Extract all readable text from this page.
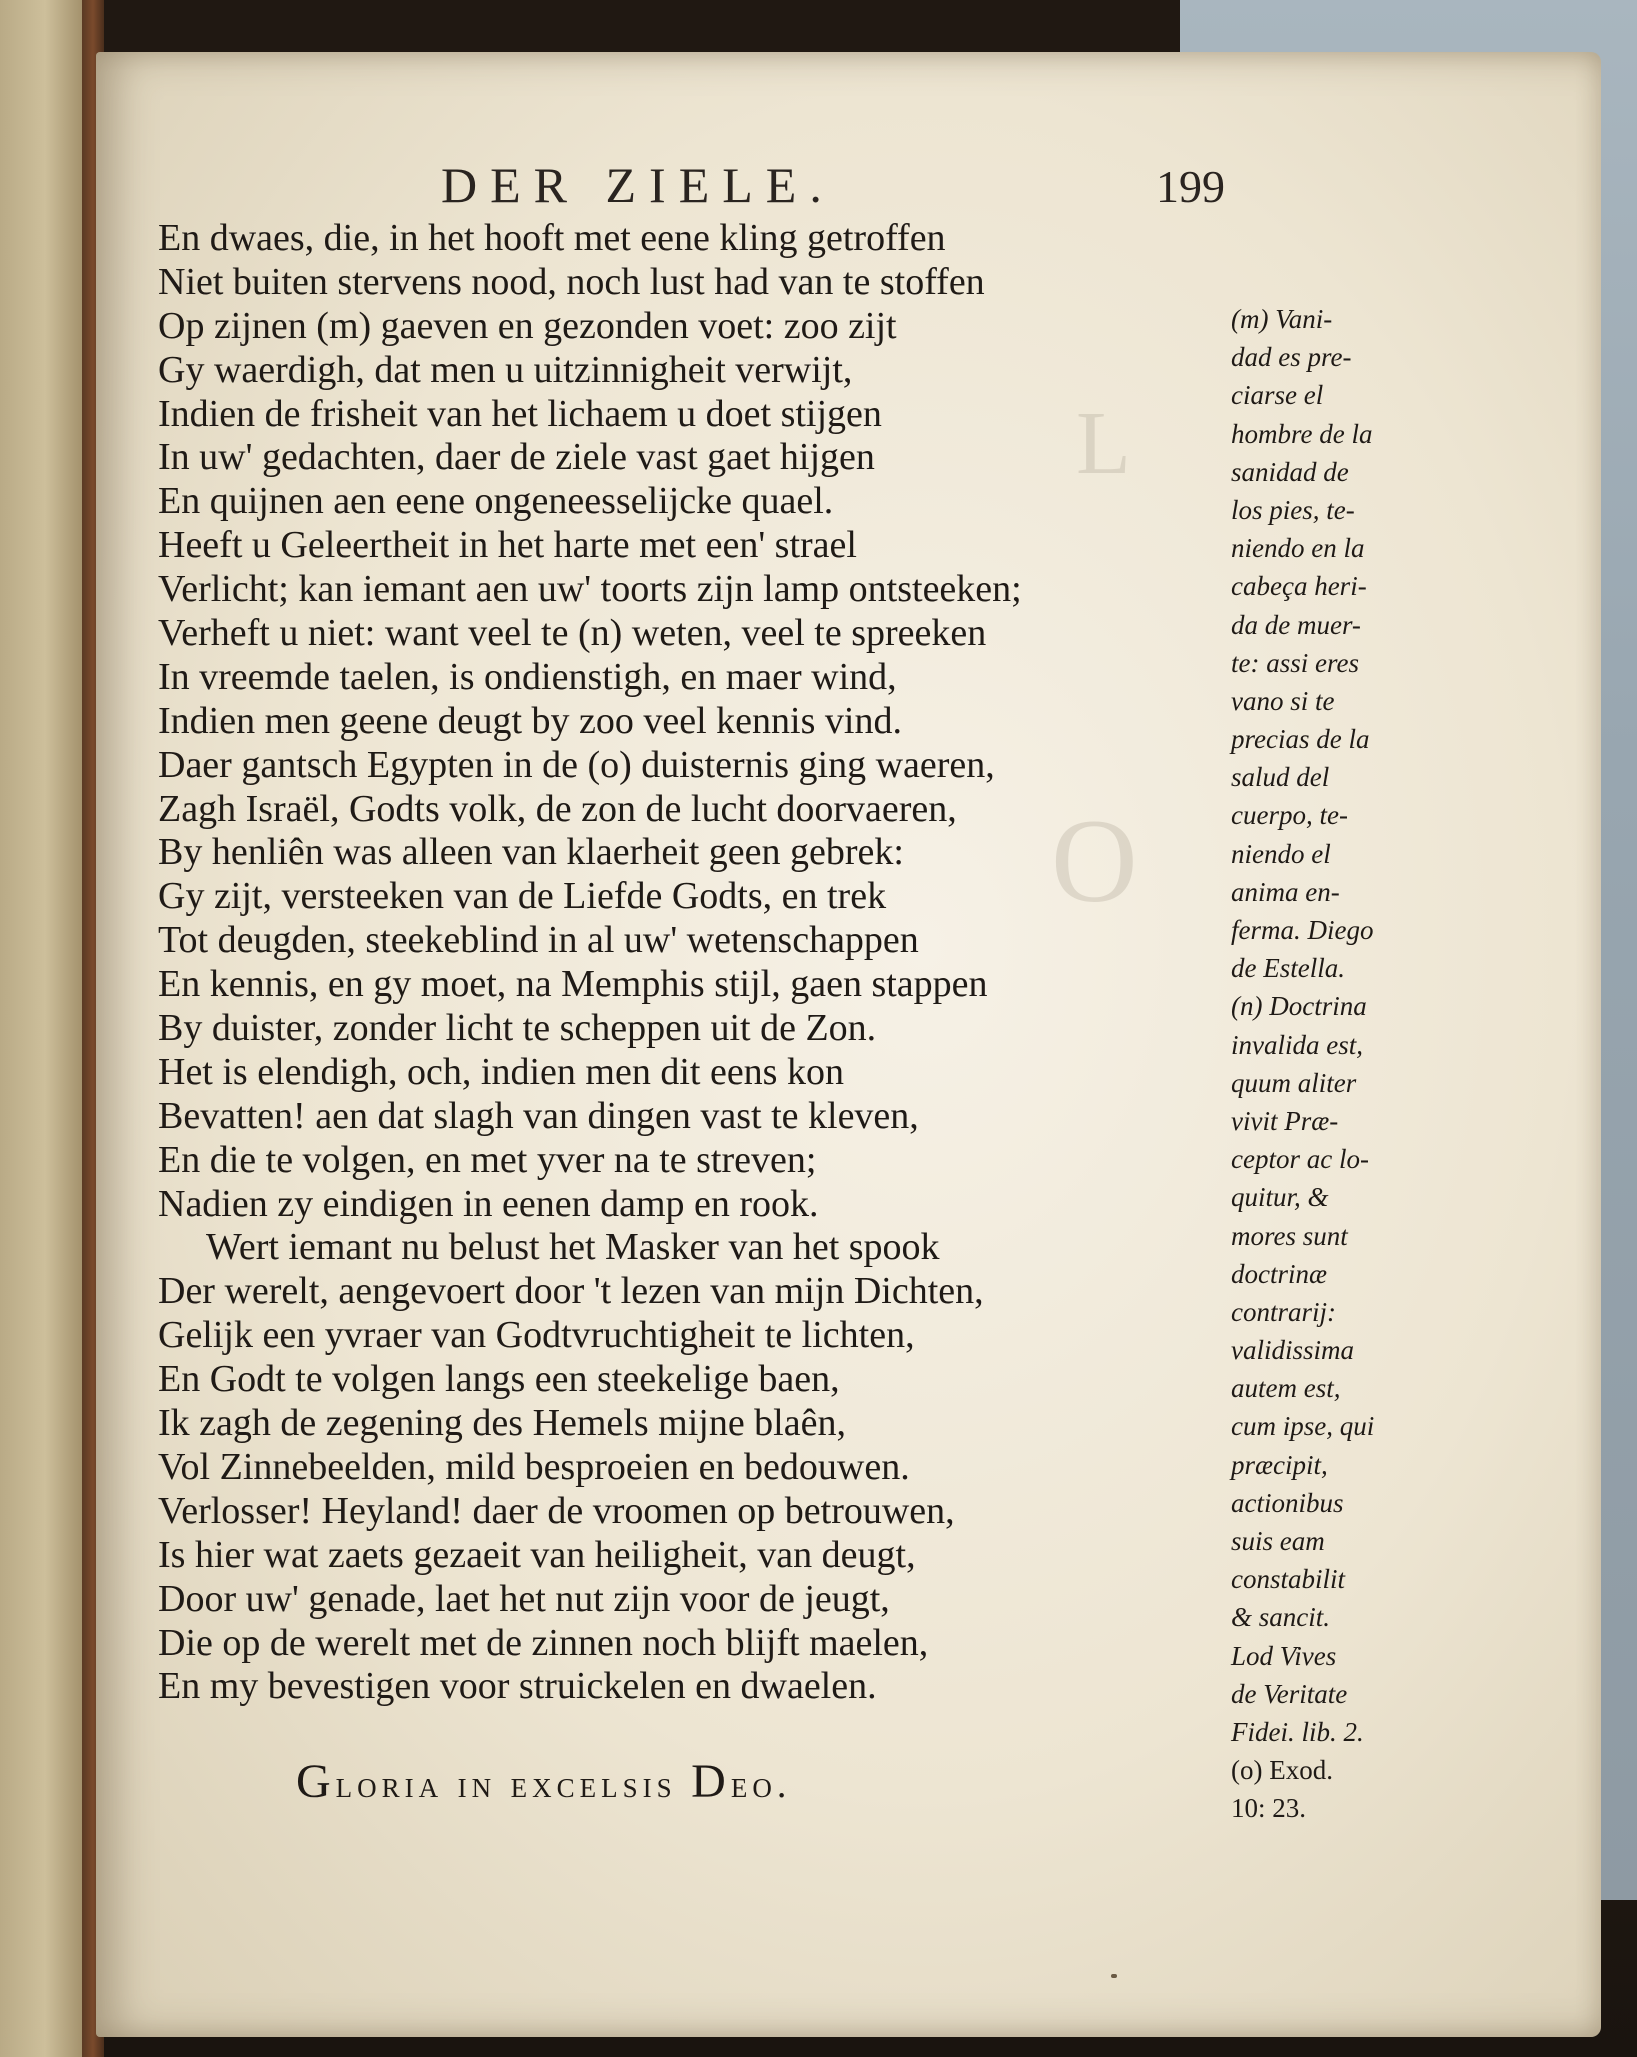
L
O
DER ZIELE.	199
En dwaes, die, in het hooft met eene kling getroffen
Niet buiten stervens nood, noch lust had van te stoffen
Op zijnen (m) gaeven en gezonden voet: zoo zijt
Gy waerdigh, dat men u uitzinnigheit verwijt,
Indien de frisheit van het lichaem u doet stijgen
In uw' gedachten, daer de ziele vast gaet hijgen
En quijnen aen eene ongeneesselijcke quael.
Heeft u Geleertheit in het harte met een' strael
Verlicht; kan iemant aen uw' toorts zijn lamp ontsteeken;
Verheft u niet: want veel te (n) weten, veel te spreeken
In vreemde taelen, is ondienstigh, en maer wind,
Indien men geene deugt by zoo veel kennis vind.
Daer gantsch Egypten in de (o) duisternis ging waeren,
Zagh Israël, Godts volk, de zon de lucht doorvaeren,
By henliên was alleen van klaerheit geen gebrek:
Gy zijt, versteeken van de Liefde Godts, en trek
Tot deugden, steekeblind in al uw' wetenschappen
En kennis, en gy moet, na Memphis stijl, gaen stappen
By duister, zonder licht te scheppen uit de Zon.
Het is elendigh, och, indien men dit eens kon
Bevatten! aen dat slagh van dingen vast te kleven,
En die te volgen, en met yver na te streven;
Nadien zy eindigen in eenen damp en rook.
Wert iemant nu belust het Masker van het spook
Der werelt, aengevoert door 't lezen van mijn Dichten,
Gelijk een yvraer van Godtvruchtigheit te lichten,
En Godt te volgen langs een steekelige baen,
Ik zagh de zegening des Hemels mijne blaên,
Vol Zinnebeelden, mild besproeien en bedouwen.
Verlosser! Heyland! daer de vroomen op betrouwen,
Is hier wat zaets gezaeit van heiligheit, van deugt,
Door uw' genade, laet het nut zijn voor de jeugt,
Die op de werelt met de zinnen noch blijft maelen,
En my bevestigen voor struickelen en dwaelen.
Gloria in excelsis Deo.
(m) Vani-
dad es pre-
ciarse el
hombre de la
sanidad de
los pies, te-
niendo en la
cabeça heri-
da de muer-
te: assi eres
vano si te
precias de la
salud del
cuerpo, te-
niendo el
anima en-
ferma. Diego
de Estella.
(n) Doctrina
invalida est,
quum aliter
vivit Præ-
ceptor ac lo-
quitur, &
mores sunt
doctrinæ
contrarij:
validissima
autem est,
cum ipse, qui
præcipit,
actionibus
suis eam
constabilit
& sancit.
Lod Vives
de Veritate
Fidei. lib. 2.
(o) Exod.
10: 23.
